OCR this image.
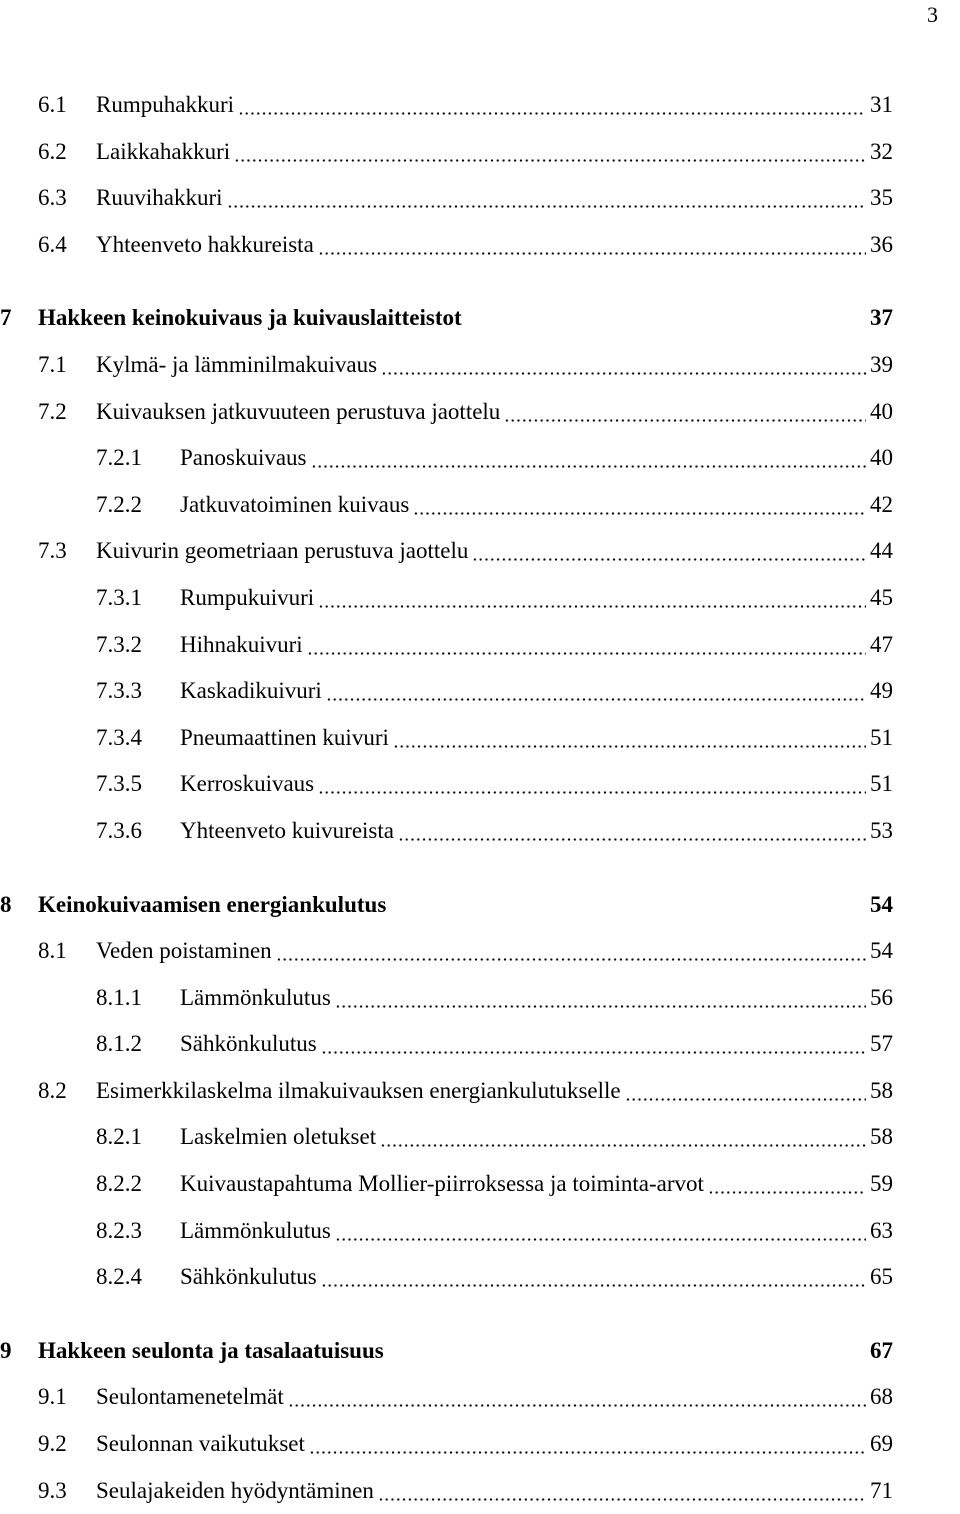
3
6.1 Rumpuhakkuri	31
6.2 Laikkahakkuri	32
6.3 Ruuvihakkuri	35
6.4 Yhteenveto hakkureista	36
7 Hakkeen keinokuivaus ja kuivauslaitteistot	37
7.1 Kylmä- ja lämminilmakuivaus	39
7.2 Kuivauksen jatkuvuuteen perustuva jaottelu	40
7.2.1 Panoskuivaus	40
7.2.2 Jatkuvatoiminen kuivaus	42
7.3 Kuivurin geometriaan perustuva jaottelu	44
7.3.1 Rumpukuivuri	45
7.3.2 Hihnakuivuri	47
7.3.3 Kaskadikuivuri	49
7.3.4 Pneumaattinen kuivuri	51
7.3.5 Kerroskuivaus	51
7.3.6 Yhteenveto kuivureista	53
8 Keinokuivaamisen energiankulutus	54
8.1 Veden poistaminen	54
8.1.1 Lämmönkulutus	56
8.1.2 Sähkönkulutus	57
8.2 Esimerkkilaskelma ilmakuivauksen energiankulutukselle	58
8.2.1 Laskelmien oletukset	58
8.2.2 Kuivaustapahtuma Mollier-piirroksessa ja toiminta-arvot	59
8.2.3 Lämmönkulutus	63
8.2.4 Sähkönkulutus	65
9 Hakkeen seulonta ja tasalaatuisuus	67
9.1 Seulontamenetelmät	68
9.2 Seulonnan vaikutukset	69
9.3 Seulajakeiden hyödyntäminen	71
